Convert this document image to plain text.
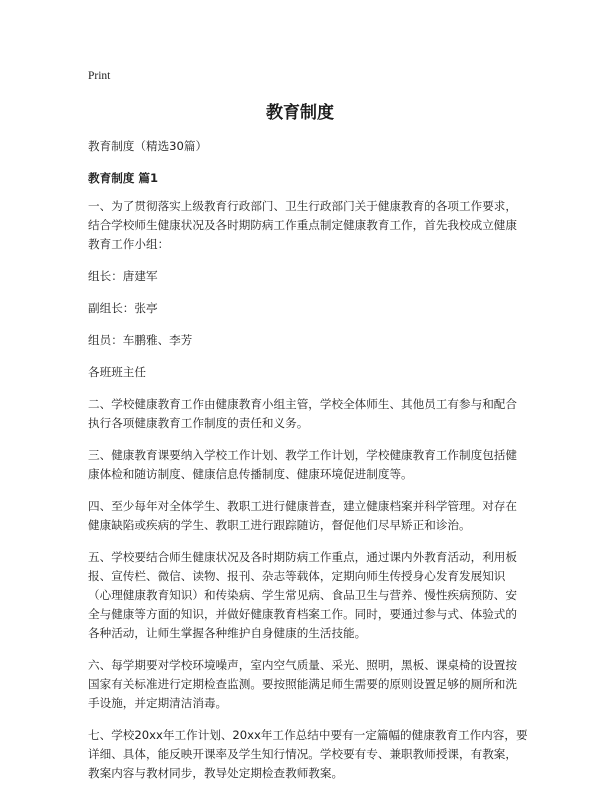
Print
教育制度

教育制度（精选30篇）

教育制度 篇1

一、为了贯彻落实上级教育行政部门、卫生行政部门关于健康教育的各项工作要求，结合学校师生健康状况及各时期防病工作重点制定健康教育工作，首先我校成立健康教育工作小组：

组长：唐建军

副组长：张亭

组员：车鹏雅、李芳

各班班主任

二、学校健康教育工作由健康教育小组主管，学校全体师生、其他员工有参与和配合执行各项健康教育工作制度的责任和义务。

三、健康教育课要纳入学校工作计划、教学工作计划，学校健康教育工作制度包括健康体检和随访制度、健康信息传播制度、健康环境促进制度等。

四、至少每年对全体学生、教职工进行健康普查，建立健康档案并科学管理。对存在健康缺陷或疾病的学生、教职工进行跟踪随访，督促他们尽早矫正和诊治。

五、学校要结合师生健康状况及各时期防病工作重点，通过课内外教育活动，利用板报、宣传栏、微信、读物、报刊、杂志等载体，定期向师生传授身心发育发展知识（心理健康教育知识）和传染病、学生常见病、食品卫生与营养、慢性疾病预防、安全与健康等方面的知识，并做好健康教育档案工作。同时，要通过参与式、体验式的各种活动，让师生掌握各种维护自身健康的生活技能。

六、每学期要对学校环境噪声，室内空气质量、采光、照明，黑板、课桌椅的设置按国家有关标准进行定期检查监测。要按照能满足师生需要的原则设置足够的厕所和洗手设施，并定期清洁消毒。

七、学校20xx年工作计划、20xx年工作总结中要有一定篇幅的健康教育工作内容，要详细、具体，能反映开课率及学生知行情况。学校要有专、兼职教师授课，有教案，教案内容与教材同步，教导处定期检查教师教案。
